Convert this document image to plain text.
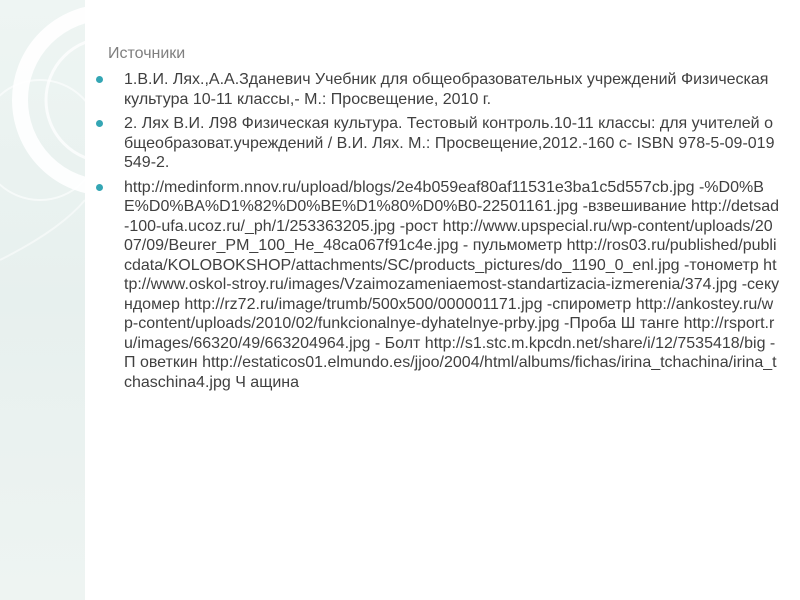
Источники
1.В.И. Лях.,А.А.Зданевич Учебник для общеобразовательных учреждений Физическая культура 10-11 классы,- М.: Просвещение, 2010 г.
2. Лях В.И. Л98 Физическая культура. Тестовый контроль.10-11 классы: для учителей общеобразоват.учреждений / В.И. Лях. М.: Просвещение,2012.-160 с- ISBN 978-5-09-019549-2.
http://medinform.nnov.ru/upload/blogs/2e4b059eaf80af11531e3ba1c5d557cb.jpg -%D0%BE%D0%BA%D1%82%D0%BE%D1%80%D0%B0-22501161.jpg -взвешивание http://detsad-100-ufa.ucoz.ru/_ph/1/253363205.jpg -рост http://www.upspecial.ru/wp-content/uploads/2007/09/Beurer_PM_100_He_48ca067f91c4e.jpg - пульмометр http://ros03.ru/published/publicdata/KOLOBOKSHOP/attachments/SC/products_pictures/do_1190_0_enl.jpg -тонометр http://www.oskol-stroy.ru/images/Vzaimozameniaemost-standartizacia-izmerenia/374.jpg -секундомер http://rz72.ru/image/trumb/500x500/000001171.jpg -спирометр http://ankostey.ru/wp-content/uploads/2010/02/funkcionalnye-dyhatelnye-prby.jpg -Проба Ш танге http://rsport.ru/images/66320/49/663204964.jpg - Болт http://s1.stc.m.kpcdn.net/share/i/12/7535418/big - П оветкин http://estaticos01.elmundo.es/jjoo/2004/html/albums/fichas/irina_tchachina/irina_tchaschina4.jpg Ч ащина
